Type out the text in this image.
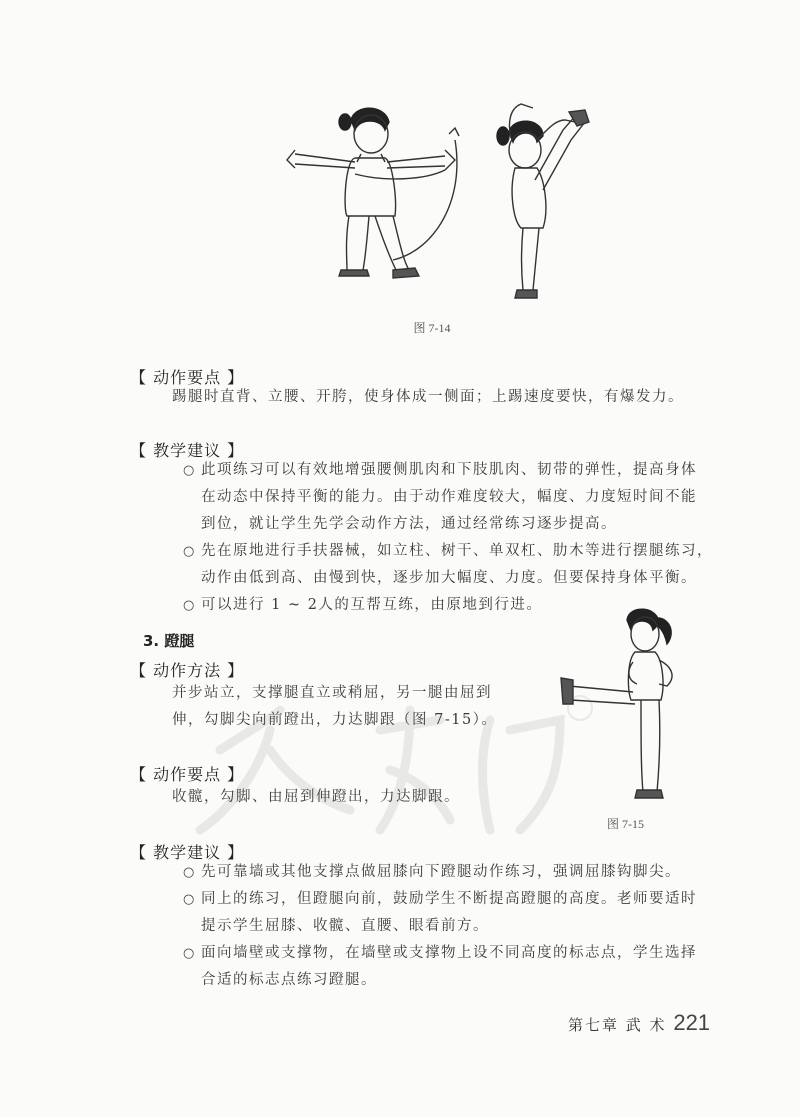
图 7-14
【 动作要点 】
踢腿时直背、立腰、开胯，使身体成一侧面；上踢速度要快，有爆发力。
【 教学建议 】
○ 此项练习可以有效地增强腰侧肌肉和下肢肌肉、韧带的弹性，提高身体
在动态中保持平衡的能力。由于动作难度较大，幅度、力度短时间不能
到位，就让学生先学会动作方法，通过经常练习逐步提高。
○ 先在原地进行手扶器械，如立柱、树干、单双杠、肋木等进行摆腿练习，
动作由低到高、由慢到快，逐步加大幅度、力度。但要保持身体平衡。
○ 可以进行 1 ~ 2人的互帮互练，由原地到行进。
3. 蹬腿
【 动作方法 】
并步站立，支撑腿直立或稍屈，另一腿由屈到
伸，勾脚尖向前蹬出，力达脚跟（图 7-15）。
【 动作要点 】
收髋，勾脚、由屈到伸蹬出，力达脚跟。
图 7-15
【 教学建议 】
○ 先可靠墙或其他支撑点做屈膝向下蹬腿动作练习，强调屈膝钩脚尖。
○ 同上的练习，但蹬腿向前，鼓励学生不断提高蹬腿的高度。老师要适时
提示学生屈膝、收髋、直腰、眼看前方。
○ 面向墙壁或支撑物，在墙壁或支撑物上设不同高度的标志点，学生选择
合适的标志点练习蹬腿。
第七章 武 术 221
